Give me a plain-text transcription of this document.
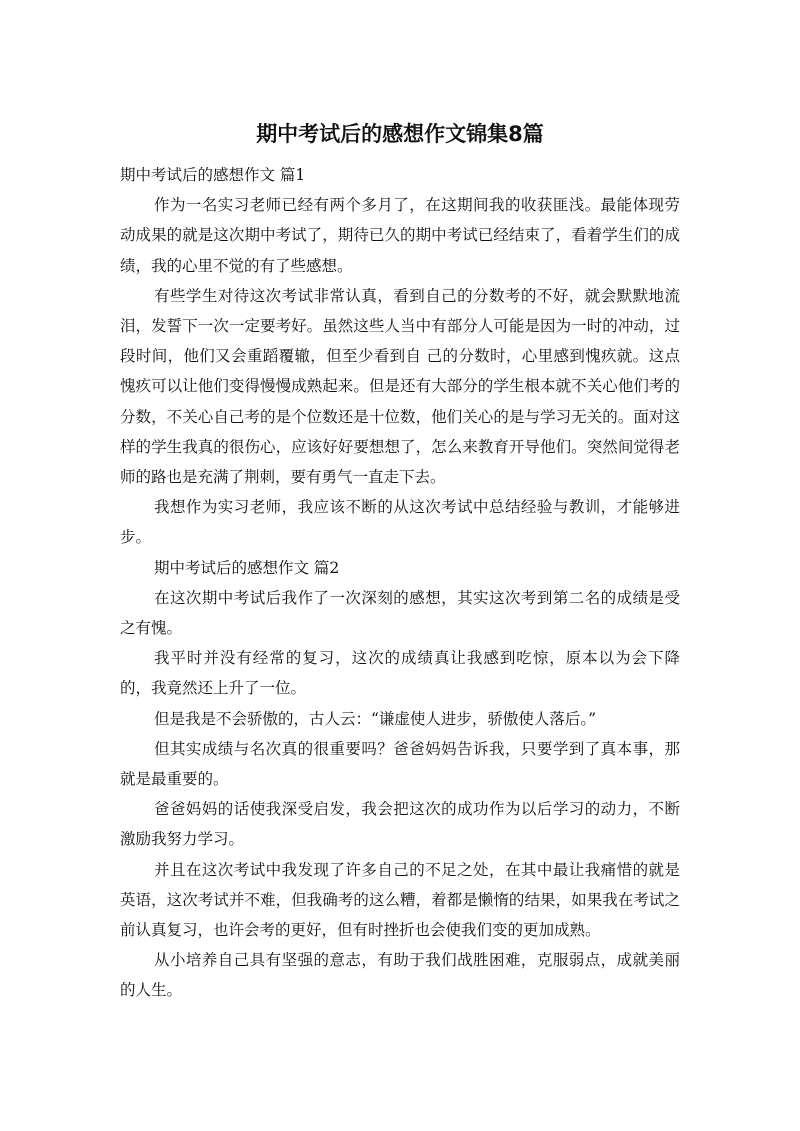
期中考试后的感想作文锦集8篇

期中考试后的感想作文 篇1

作为一名实习老师已经有两个多月了，在这期间我的收获匪浅。最能体现劳动成果的就是这次期中考试了，期待已久的期中考试已经结束了，看着学生们的成绩，我的心里不觉的有了些感想。

有些学生对待这次考试非常认真，看到自己的分数考的不好，就会默默地流泪，发誓下一次一定要考好。虽然这些人当中有部分人可能是因为一时的冲动，过段时间，他们又会重蹈覆辙，但至少看到自 己的分数时，心里感到愧疚就。这点愧疚可以让他们变得慢慢成熟起来。但是还有大部分的学生根本就不关心他们考的分数，不关心自己考的是个位数还是十位数，他们关心的是与学习无关的。面对这 样的学生我真的很伤心，应该好好要想想了，怎么来教育开导他们。突然间觉得老师的路也是充满了荆刺，要有勇气一直走下去。

我想作为实习老师，我应该不断的从这次考试中总结经验与教训，才能够进步。

期中考试后的感想作文 篇2

在这次期中考试后我作了一次深刻的感想，其实这次考到第二名的成绩是受之有愧。

我平时并没有经常的复习，这次的成绩真让我感到吃惊，原本以为会下降的，我竟然还上升了一位。

但是我是不会骄傲的，古人云：“谦虚使人进步，骄傲使人落后。”

但其实成绩与名次真的很重要吗？爸爸妈妈告诉我，只要学到了真本事，那就是最重要的。

爸爸妈妈的话使我深受启发，我会把这次的成功作为以后学习的动力，不断激励我努力学习。

并且在这次考试中我发现了许多自己的不足之处，在其中最让我痛惜的就是英语，这次考试并不难，但我确考的这么糟，着都是懒惰的结果，如果我在考试之前认真复习，也许会考的更好，但有时挫折也会使我们变的更加成熟。

从小培养自己具有坚强的意志，有助于我们战胜困难，克服弱点，成就美丽的人生。
